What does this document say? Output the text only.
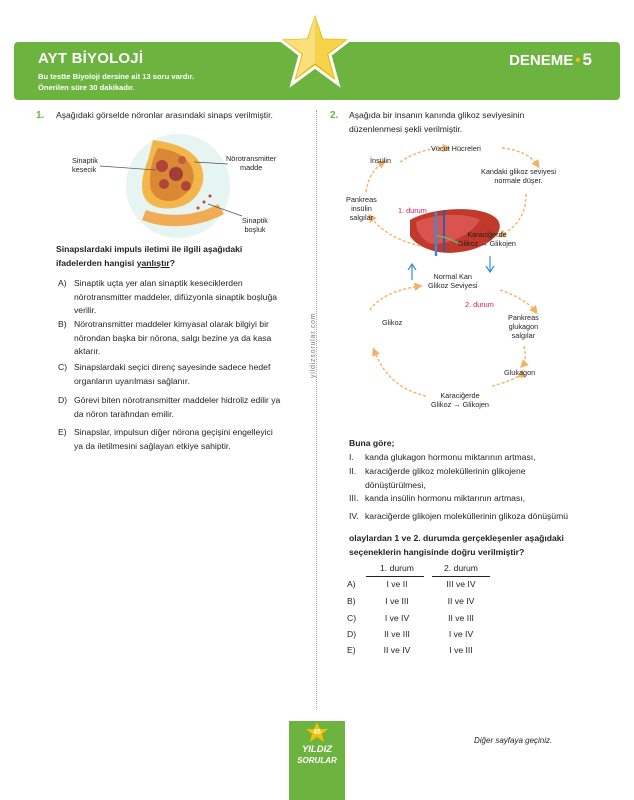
AYT BİYOLOJİ
Bu testte Biyoloji dersine ait 13 soru vardır.
Önerilen süre 30 dakikadır.
DENEME • 5
yildizsorular.com
1. Aşağıdaki görselde nöronlar arasındaki sinaps verilmiştir.
Sinaptik
kesecik
Nörotransmitter
madde
Sinaptik
boşluk
Sinapslardaki impuls iletimi ile ilgili aşağıdaki
ifadelerden hangisi yanlıştır?
A) Sinaptik uçta yer alan sinaptik keseciklerden
nörotransmitter maddeler, difüzyonla sinaptik boşluğa
verilir.
B) Nörotransmitter maddeler kimyasal olarak bilgiyi bir
nörondan başka bir nörona, salgı bezine ya da kasa
aktarır.
C) Sinapslardaki seçici direnç sayesinde sadece hedef
organların uyarılması sağlanır.
D) Görevi biten nörotransmitter maddeler hidroliz edilir ya
da nöron tarafından emilir.
E) Sinapslar, impulsun diğer nörona geçişini engelleyici
ya da iletilmesini sağlayan etkiye sahiptir.
2. Aşağıda bir insanın kanında glikoz seviyesinin
düzenlenmesi şekli verilmiştir.
Vücut Hücreleri
İnsülin
Kandaki glikoz seviyesi
normale düşer.
Pankreas
insülin
salgılar
1. durum
Karaciğerde
Glikoz → Glikojen
Normal Kan
Glikoz Seviyesi
2. durum
Glikoz
Pankreas
glukagon
salgılar
Glukagon
Karaciğerde
Glikoz → Glikojen
Buna göre;
I. kanda glukagon hormonu miktarının artması,
II. karaciğerde glikoz moleküllerinin glikojene
dönüştürülmesi,
III. kanda insülin hormonu miktarının artması,
IV. karaciğerde glikojen moleküllerinin glikoza dönüşümü
olaylardan 1 ve 2. durumda gerçekleşenler aşağıdaki
seçeneklerin hangisinde doğru verilmiştir?
1. durum	2. durum
A)	I ve II	III ve IV
B)	I ve III	II ve IV
C)	I ve IV	II ve III
D)	II ve III	I ve IV
E)	II ve IV	I ve III
45
YILDIZ
SORULAR
Diğer sayfaya geçiniz.
